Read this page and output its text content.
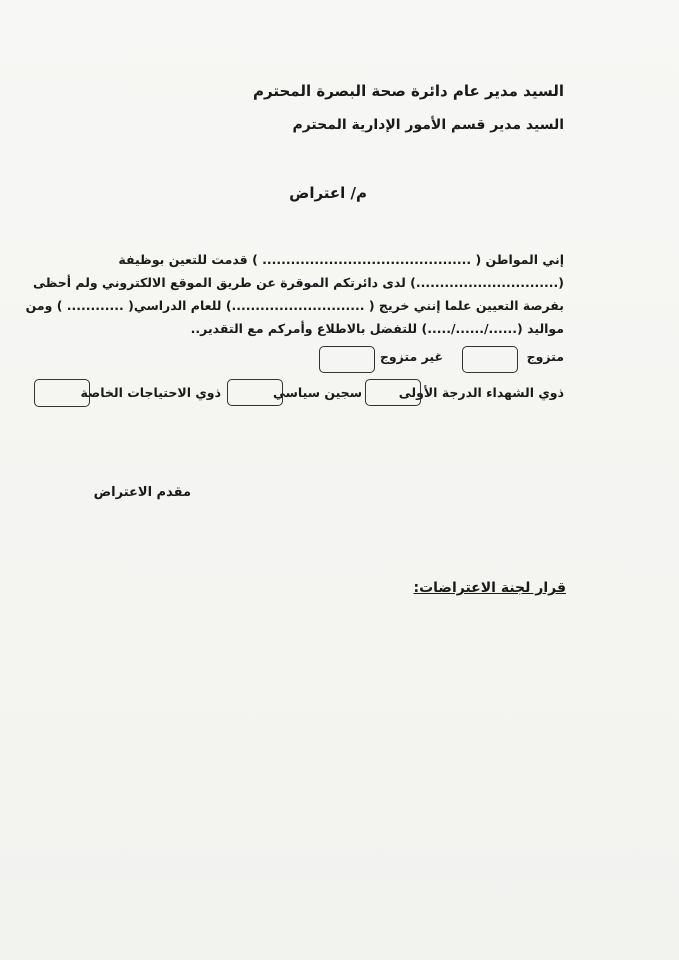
السيد مدير عام دائرة صحة البصرة المحترم
السيد مدير قسم الأمور الإدارية المحترم
م/ اعتراض
إني المواطن ( ............................................ ) قدمت للتعين بوظيفة
(..............................) لدى دائرتكم الموقرة عن طريق الموقع الالكتروني ولم أحظى
بفرصة التعيين علما إنني خريج ( ............................) للعام الدراسي( ............ ) ومن
مواليد (....../....../.....) للتفضل بالاطلاع وأمركم مع التقدير..
متزوج
غير متزوج
ذوي الشهداء الدرجة الأولى
سجين سياسي
ذوي الاحتياجات الخاصة
مقدم الاعتراض
قرار لجنة الاعتراضات:
